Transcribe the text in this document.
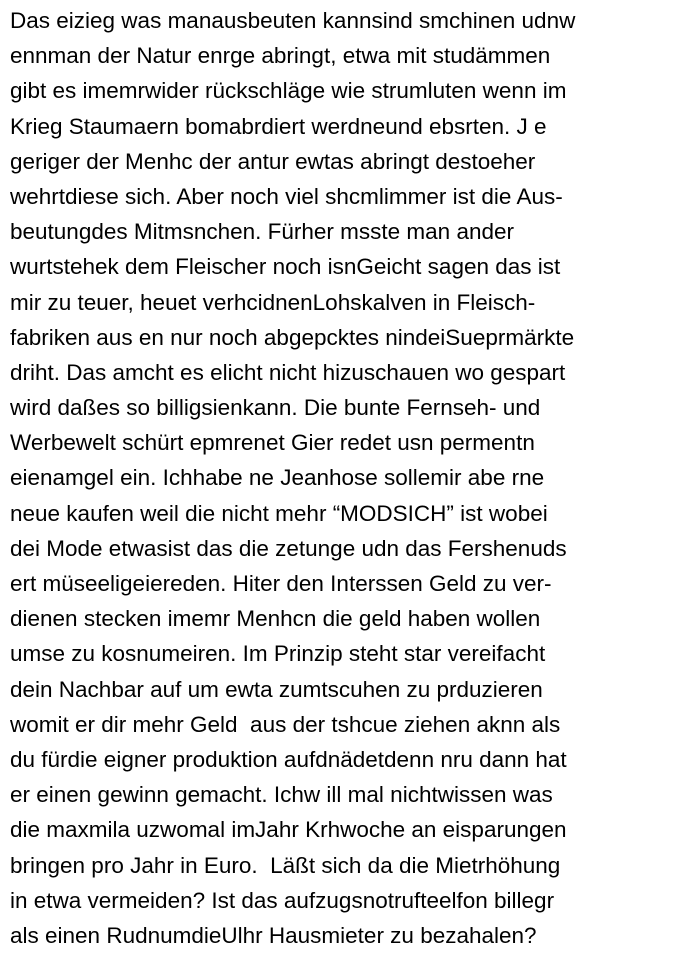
Das eizieg was manausbeuten kannsind smchinen udnw
ennman der Natur enrge abringt, etwa mit studämmen
gibt es imemrwider rückschläge wie strumluten wenn im
Krieg Staumaern bomabrdiert werdneund ebsrten. J e
geriger der Menhc der antur ewtas abringt destoeher
wehrtdiese sich. Aber noch viel shcmlimmer ist die Aus-
beutungdes Mitmsnchen. Fürher msste man ander
wurtstehek dem Fleischer noch isnGeicht sagen das ist
mir zu teuer, heuet verhcidnenLohskalven in Fleisch-
fabriken aus en nur noch abgepcktes nindeiSueprmärkte
driht. Das amcht es elicht nicht hizuschauen wo gespart
wird daßes so billigsienkann. Die bunte Fernseh- und
Werbewelt schürt epmrenet Gier redet usn permentn
eienamgel ein. Ichhabe ne Jeanhose sollemir abe rne
neue kaufen weil die nicht mehr “MODSICH” ist wobei
dei Mode etwasist das die zetunge udn das Fershenuds
ert müseeligeiereden. Hiter den Interssen Geld zu ver-
dienen stecken imemr Menhcn die geld haben wollen
umse zu kosnumeiren. Im Prinzip steht star vereifacht
dein Nachbar auf um ewta zumtscuhen zu prduzieren
womit er dir mehr Geld  aus der tshcue ziehen aknn als
du fürdie eigner produktion aufdnädetdenn nru dann hat
er einen gewinn gemacht. Ichw ill mal nichtwissen was
die maxmila uzwomal imJahr Krhwoche an eisparungen
bringen pro Jahr in Euro.  Läßt sich da die Mietrhöhung
in etwa vermeiden? Ist das aufzugsnotrufteelfon billegr
als einen RudnumdieUlhr Hausmieter zu bezahalen?
